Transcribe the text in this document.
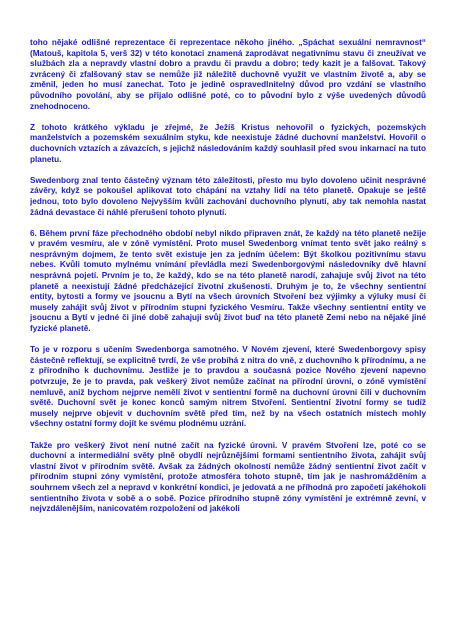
toho nějaké odlišné reprezentace či reprezentace někoho jiného. „Spáchat sexuální nemravnost“ (Matouš, kapitola 5, verš 32) v této konotaci znamená zaprodávat negativnímu stavu či zneužívat ve službách zla a nepravdy vlastní dobro a pravdu či pravdu a dobro; tedy kazit je a falšovat. Takový zvrácený či zfalšovaný stav se nemůže již náležitě duchovně využít ve vlastním životě a, aby se změnil, jeden ho musí zanechat. Toto je jedině ospravedlnitelný důvod pro vzdání se vlastního původního povolání, aby se přijalo odlišné poté, co to původní bylo z výše uvedených důvodů znehodnoceno.

Z tohoto krátkého výkladu je zřejmé, že Ježíš Kristus nehovořil o fyzických, pozemských manželstvích a pozemském sexuálním styku, kde neexistuje žádné duchovní manželství. Hovořil o duchovních vztazích a závazcích, s jejichž následováním každý souhlasil před svou inkarnací na tuto planetu.

Swedenborg znal tento částečný význam této záležitosti, přesto mu bylo dovoleno učinit nesprávné závěry, když se pokoušel aplikovat toto chápání na vztahy lidí na této planetě. Opakuje se ještě jednou, toto bylo dovoleno Nejvyšším kvůli zachování duchovního plynutí, aby tak nemohla nastat žádná devastace či náhlé přerušení tohoto plynutí.

6. Během první fáze přechodného období nebyl nikdo připraven znát, že každý na této planetě nežije v pravém vesmíru, ale v zóně vymístění. Proto musel Swedenborg vnímat tento svět jako reálný s nesprávným dojmem, že tento svět existuje jen za jedním účelem: Být školkou pozitivnímu stavu nebes. Kvůli tomuto mylnému vnímání převládla mezi Swedenborgovými následovníky dvě hlavní nesprávná pojetí. Prvním je to, že každý, kdo se na této planetě narodí, zahajuje svůj život na této planetě a neexistují žádné předcházející životní zkušenosti. Druhým je to, že všechny sentientní entity, bytosti a formy ve jsoucnu a Bytí na všech úrovních Stvoření bez výjimky a výluky musí či musely zahájit svůj život v přírodním stupni fyzického Vesmíru. Takže všechny sentientní entity ve jsoucnu a Bytí v jedné či jiné době zahajují svůj život buď na této planetě Zemi nebo na nějaké jiné fyzické planetě.

To je v rozporu s učením Swedenborga samotného. V Novém zjevení, které Swedenborgovy spisy částečně reflektují, se explicitně tvrdí, že vše probíhá z nitra do vně, z duchovního k přírodnímu, a ne z přírodního k duchovnímu. Jestliže je to pravdou a současná pozice Nového zjevení napevno potvrzuje, že je to pravda, pak veškerý život nemůže začínat na přírodní úrovni, o zóně vymístění nemluvě, aniž bychom nejprve nemělí život v sentientní formě na duchovní úrovni čili v duchovním světě. Duchovní svět je konec konců samým nitrem Stvoření. Sentientní životní formy se tudíž musely nejprve objevit v duchovním světě před tím, než by na všech ostatních místech mohly všechny ostatní formy dojít ke svému plodnému uzrání.

Takže pro veškerý život není nutné začít na fyzické úrovni. V pravém Stvoření lze, poté co se duchovní a intermediální světy plně obydlí nejrůznějšími formami sentientního života, zahájit svůj vlastní život v přírodním světě. Avšak za žádných okolností nemůže žádný sentientní život začít v přírodním stupni zóny vymístění, protože atmosféra tohoto stupně, tím jak je nashromážděním a souhrnem všech zel a nepravd v konkrétní kondici, je jedovatá a ne příhodná pro započetí jakéhokoli sentientního života v sobě a o sobě. Pozice přírodního stupně zóny vymístění je extrémně zevní, v nejvzdálenějším, nanicovatém rozpoložení od jakékoli
